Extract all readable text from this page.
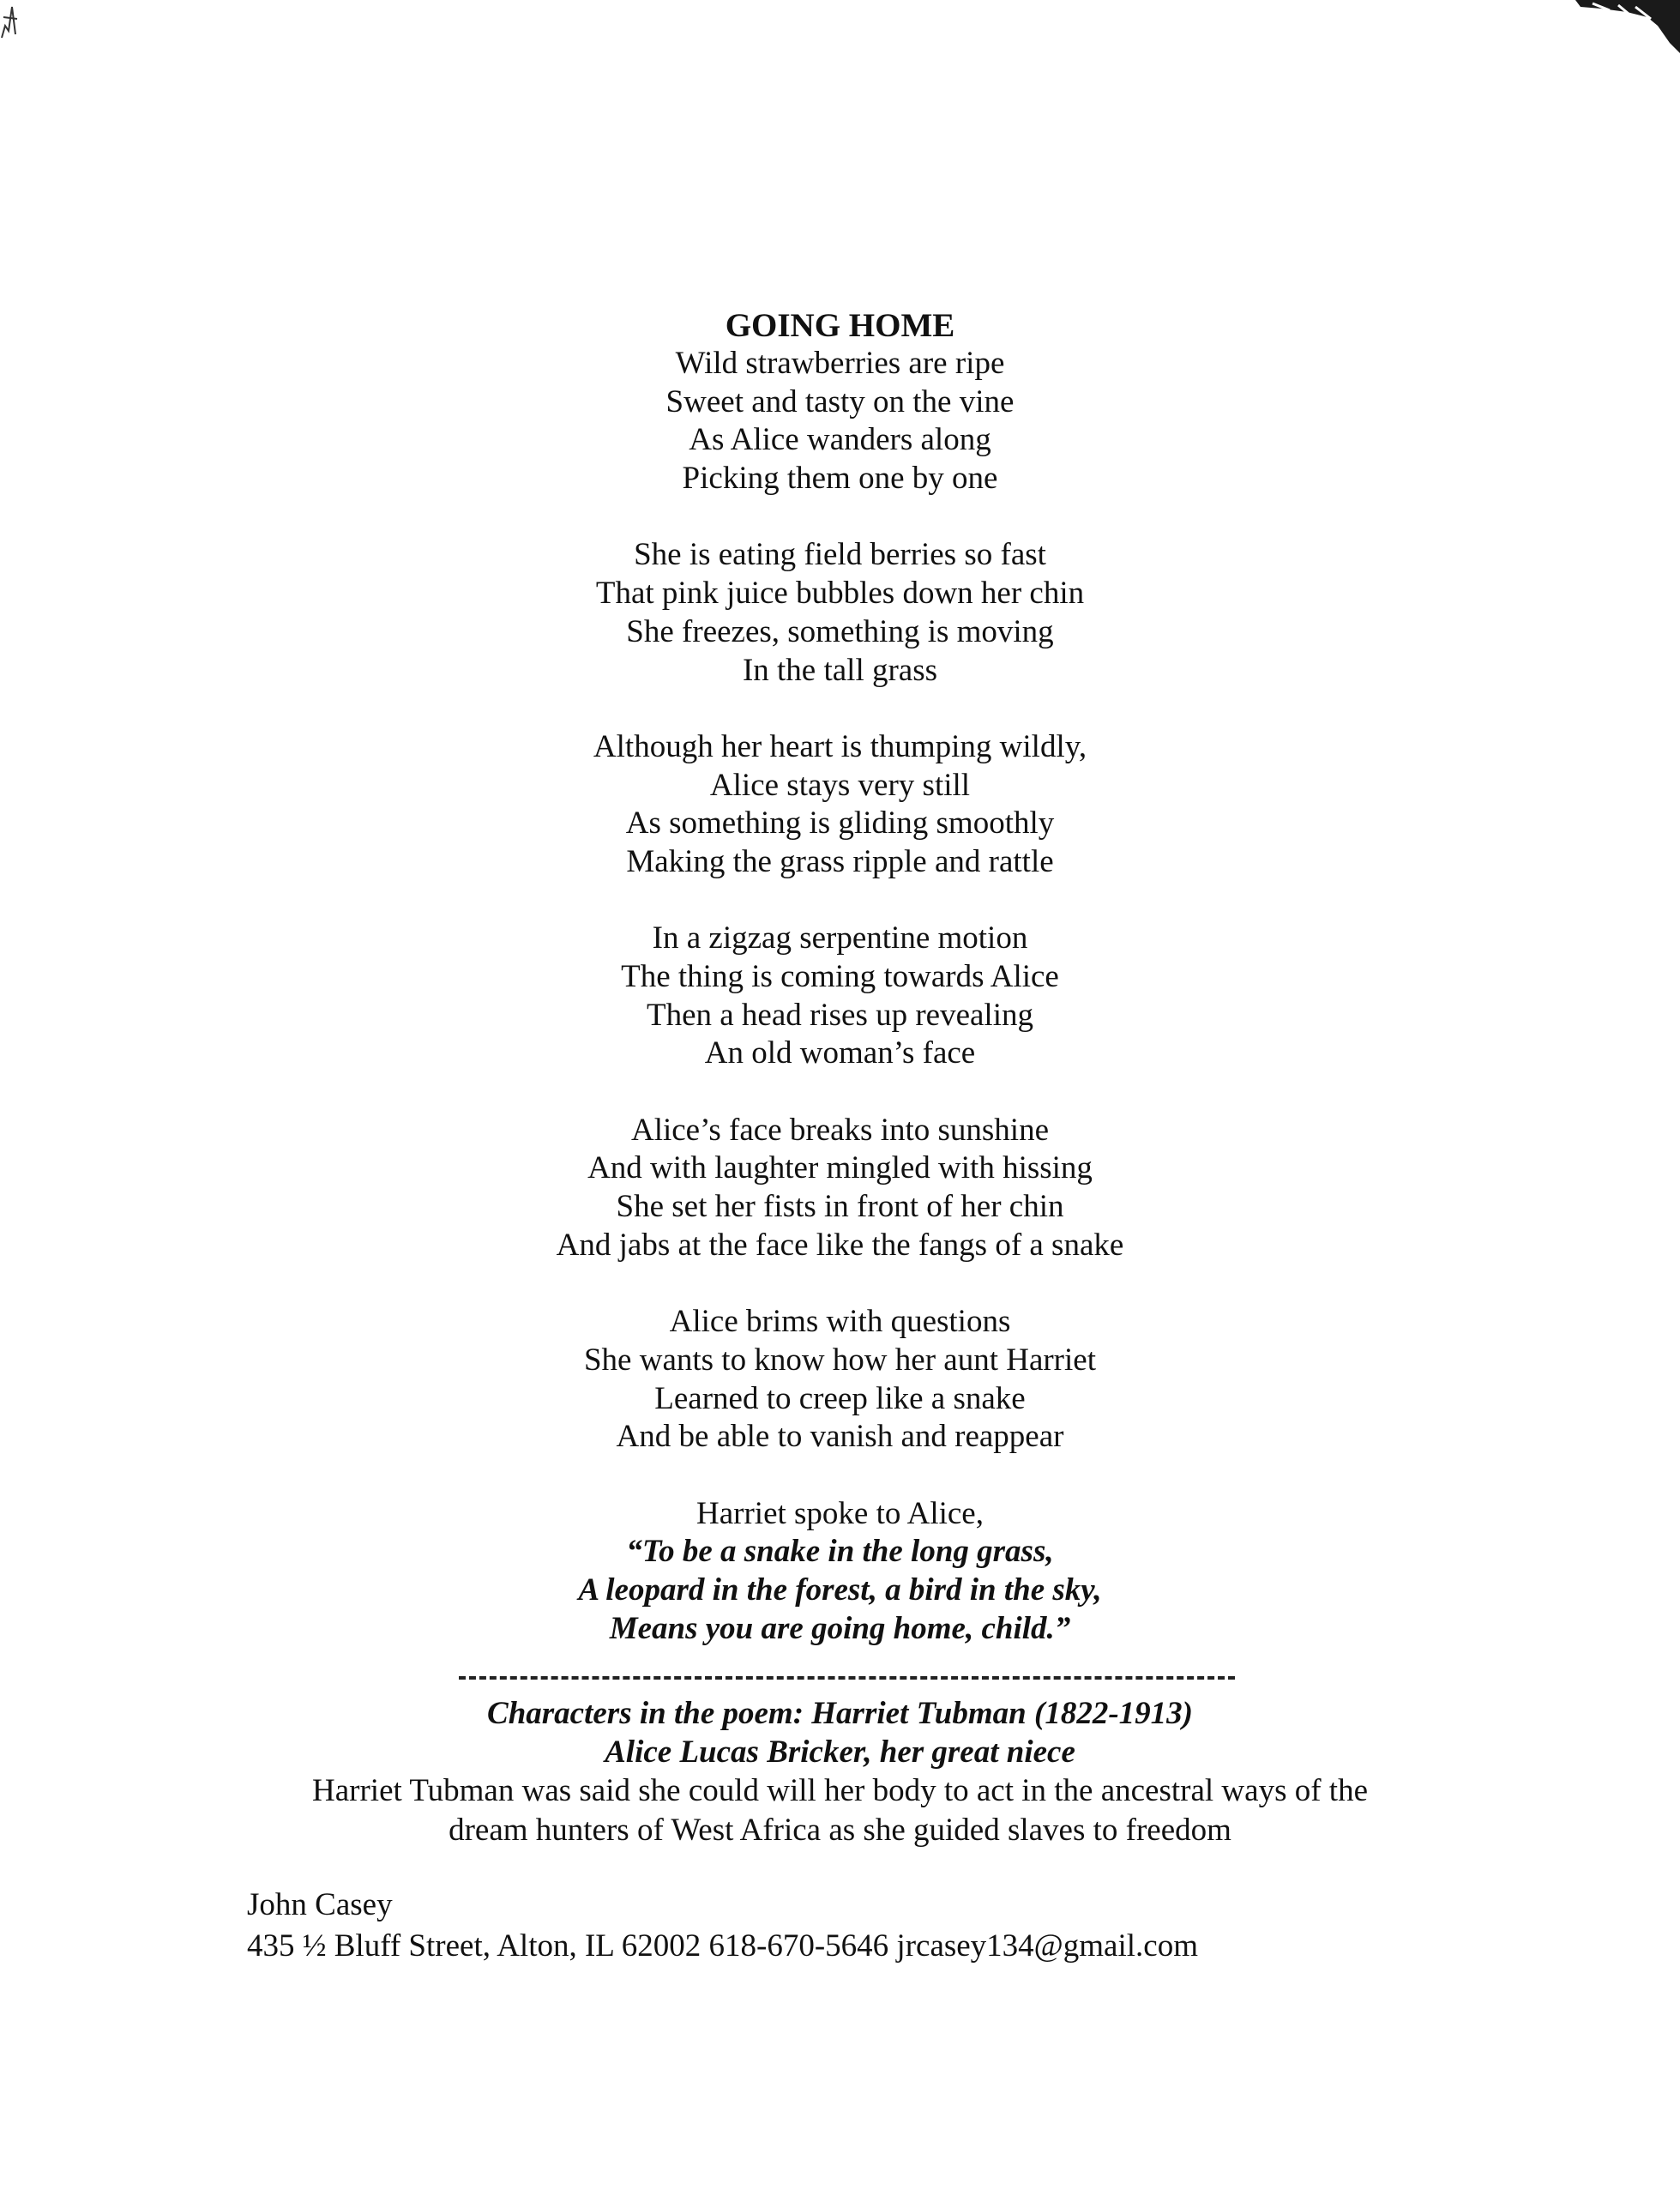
GOING HOME
Wild strawberries are ripe
Sweet and tasty on the vine
As Alice wanders along
Picking them one by one
She is eating field berries so fast
That pink juice bubbles down her chin
She freezes, something is moving
In the tall grass
Although her heart is thumping wildly,
Alice stays very still
As something is gliding smoothly
Making the grass ripple and rattle
In a zigzag serpentine motion
The thing is coming towards Alice
Then a head rises up revealing
An old woman’s face
Alice’s face breaks into sunshine
And with laughter mingled with hissing
She set her fists in front of her chin
And jabs at the face like the fangs of a snake
Alice brims with questions
She wants to know how her aunt Harriet
Learned to creep like a snake
And be able to vanish and reappear
Harriet spoke to Alice,
“To be a snake in the long grass,
A leopard in the forest, a bird in the sky,
Means you are going home, child.”
Characters in the poem: Harriet Tubman (1822-1913)
Alice Lucas Bricker, her great niece
Harriet Tubman was said she could will her body to act in the ancestral ways of the
dream hunters of West Africa as she guided slaves to freedom
John Casey
435 ½ Bluff Street, Alton, IL 62002 618-670-5646 jrcasey134@gmail.com
